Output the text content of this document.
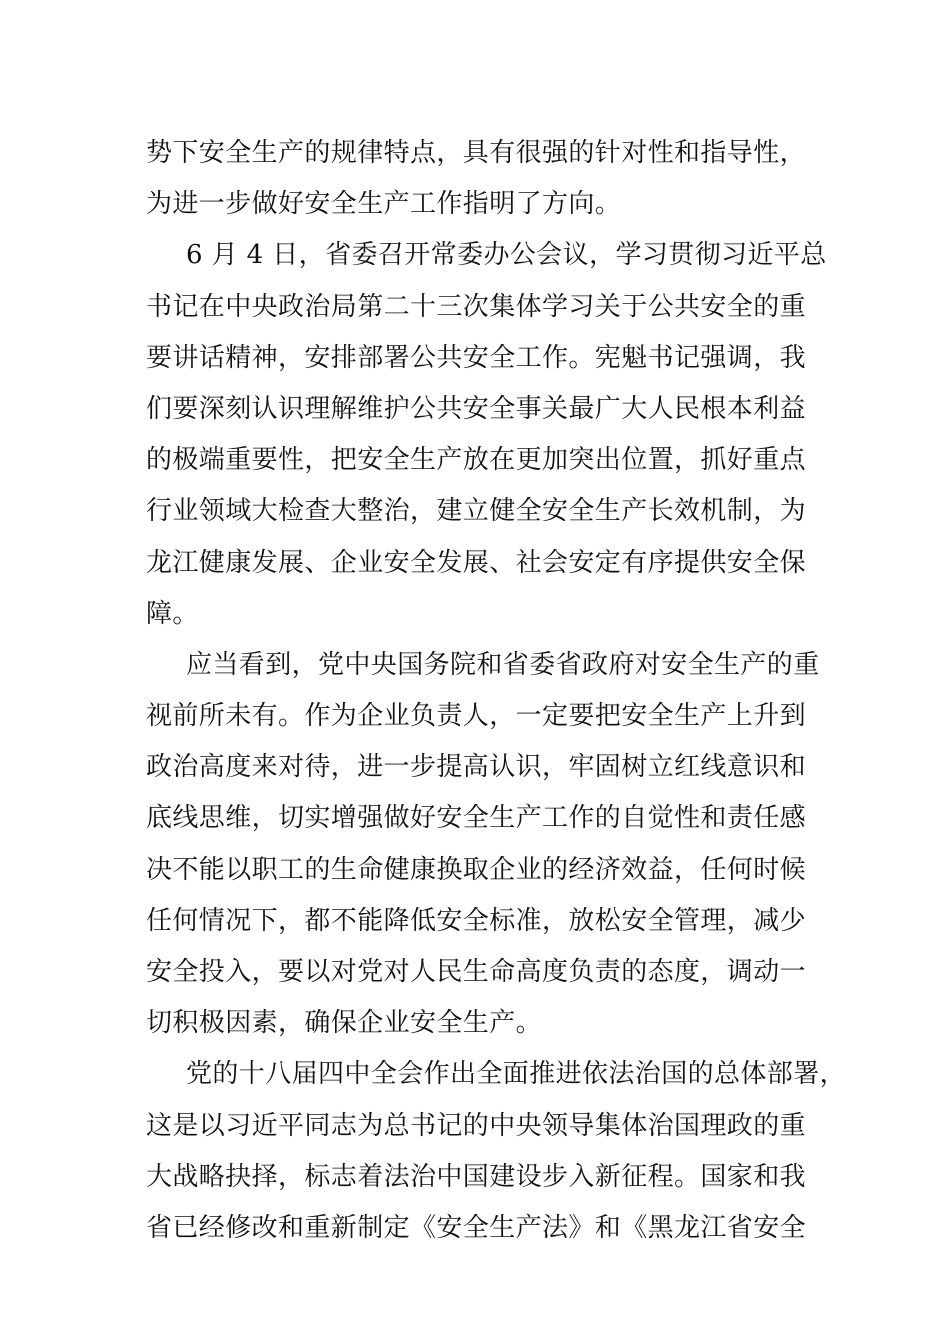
势下安全生产的规律特点，具有很强的针对性和指导性，
为进一步做好安全生产工作指明了方向。
6 月 4 日，省委召开常委办公会议，学习贯彻习近平总
书记在中央政治局第二十三次集体学习关于公共安全的重
要讲话精神，安排部署公共安全工作。宪魁书记强调，我
们要深刻认识理解维护公共安全事关最广大人民根本利益
的极端重要性，把安全生产放在更加突出位置，抓好重点
行业领域大检查大整治，建立健全安全生产长效机制，为
龙江健康发展、企业安全发展、社会安定有序提供安全保
障。
应当看到，党中央国务院和省委省政府对安全生产的重
视前所未有。作为企业负责人，一定要把安全生产上升到
政治高度来对待，进一步提高认识，牢固树立红线意识和
底线思维，切实增强做好安全生产工作的自觉性和责任感
决不能以职工的生命健康换取企业的经济效益，任何时候
任何情况下，都不能降低安全标准，放松安全管理，减少
安全投入，要以对党对人民生命高度负责的态度，调动一
切积极因素，确保企业安全生产。
党的十八届四中全会作出全面推进依法治国的总体部署，
这是以习近平同志为总书记的中央领导集体治国理政的重
大战略抉择，标志着法治中国建设步入新征程。国家和我
省已经修改和重新制定《安全生产法》和《黑龙江省安全
